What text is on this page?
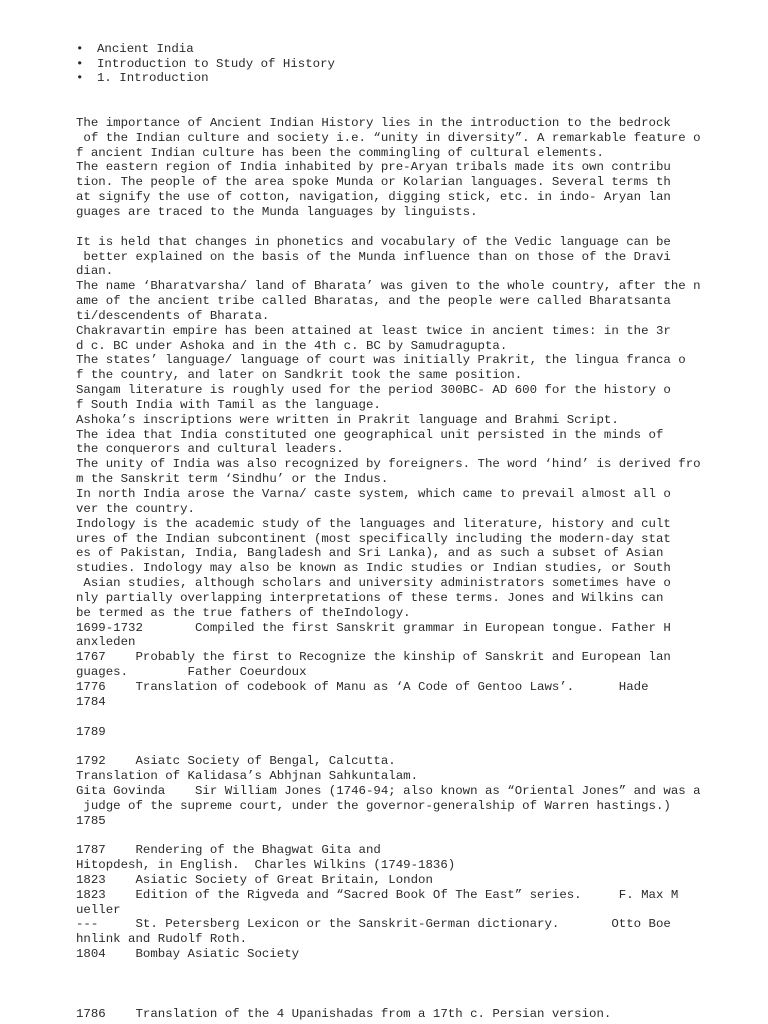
• Ancient India
• Introduction to Study of History
• 1. Introduction

The importance of Ancient Indian History lies in the introduction to the bedrock
of the Indian culture and society i.e. “unity in diversity”. A remarkable feature o
f ancient Indian culture has been the commingling of cultural elements.
The eastern region of India inhabited by pre-Aryan tribals made its own contribu
tion. The people of the area spoke Munda or Kolarian languages. Several terms th
at signify the use of cotton, navigation, digging stick, etc. in indo- Aryan lan
guages are traced to the Munda languages by linguists.
It is held that changes in phonetics and vocabulary of the Vedic language can be
better explained on the basis of the Munda influence than on those of the Dravi
dian.
The name ‘Bharatvarsha/ land of Bharata’ was given to the whole country, after the n
ame of the ancient tribe called Bharatas, and the people were called Bharatsanta
ti/descendents of Bharata.
Chakravartin empire has been attained at least twice in ancient times: in the 3r
d c. BC under Ashoka and in the 4th c. BC by Samudragupta.
The states’ language/ language of court was initially Prakrit, the lingua franca o
f the country, and later on Sandkrit took the same position.
Sangam literature is roughly used for the period 300BC- AD 600 for the history o
f South India with Tamil as the language.
Ashoka’s inscriptions were written in Prakrit language and Brahmi Script.
The idea that India constituted one geographical unit persisted in the minds of
the conquerors and cultural leaders.
The unity of India was also recognized by foreigners. The word ‘hind’ is derived fro
m the Sanskrit term ‘Sindhu’ or the Indus.
In north India arose the Varna/ caste system, which came to prevail almost all o
ver the country.
Indology is the academic study of the languages and literature, history and cult
ures of the Indian subcontinent (most specifically including the modern-day stat
es of Pakistan, India, Bangladesh and Sri Lanka), and as such a subset of Asian
studies. Indology may also be known as Indic studies or Indian studies, or South
Asian studies, although scholars and university administrators sometimes have o
nly partially overlapping interpretations of these terms. Jones and Wilkins can
be termed as the true fathers of theIndology.
1699-1732       Compiled the first Sanskrit grammar in European tongue. Father H
anxleden
1767    Probably the first to Recognize the kinship of Sanskrit and European lan
guages.        Father Coeurdoux
1776    Translation of codebook of Manu as ‘A Code of Gentoo Laws’.      Hade
1784
1789
1792    Asiatc Society of Bengal, Calcutta.
Translation of Kalidasa’s Abhjnan Sahkuntalam.
Gita Govinda    Sir William Jones (1746-94; also known as “Oriental Jones” and was a
judge of the supreme court, under the governor-generalship of Warren hastings.)
1785
1787    Rendering of the Bhagwat Gita and
Hitopdesh, in English.  Charles Wilkins (1749-1836)
1823    Asiatic Society of Great Britain, London
1823    Edition of the Rigveda and “Sacred Book Of The East” series.     F. Max M
ueller
---     St. Petersberg Lexicon or the Sanskrit-German dictionary.       Otto Boe
hnlink and Rudolf Roth.
1804    Bombay Asiatic Society

1786    Translation of the 4 Upanishadas from a 17th c. Persian version.
